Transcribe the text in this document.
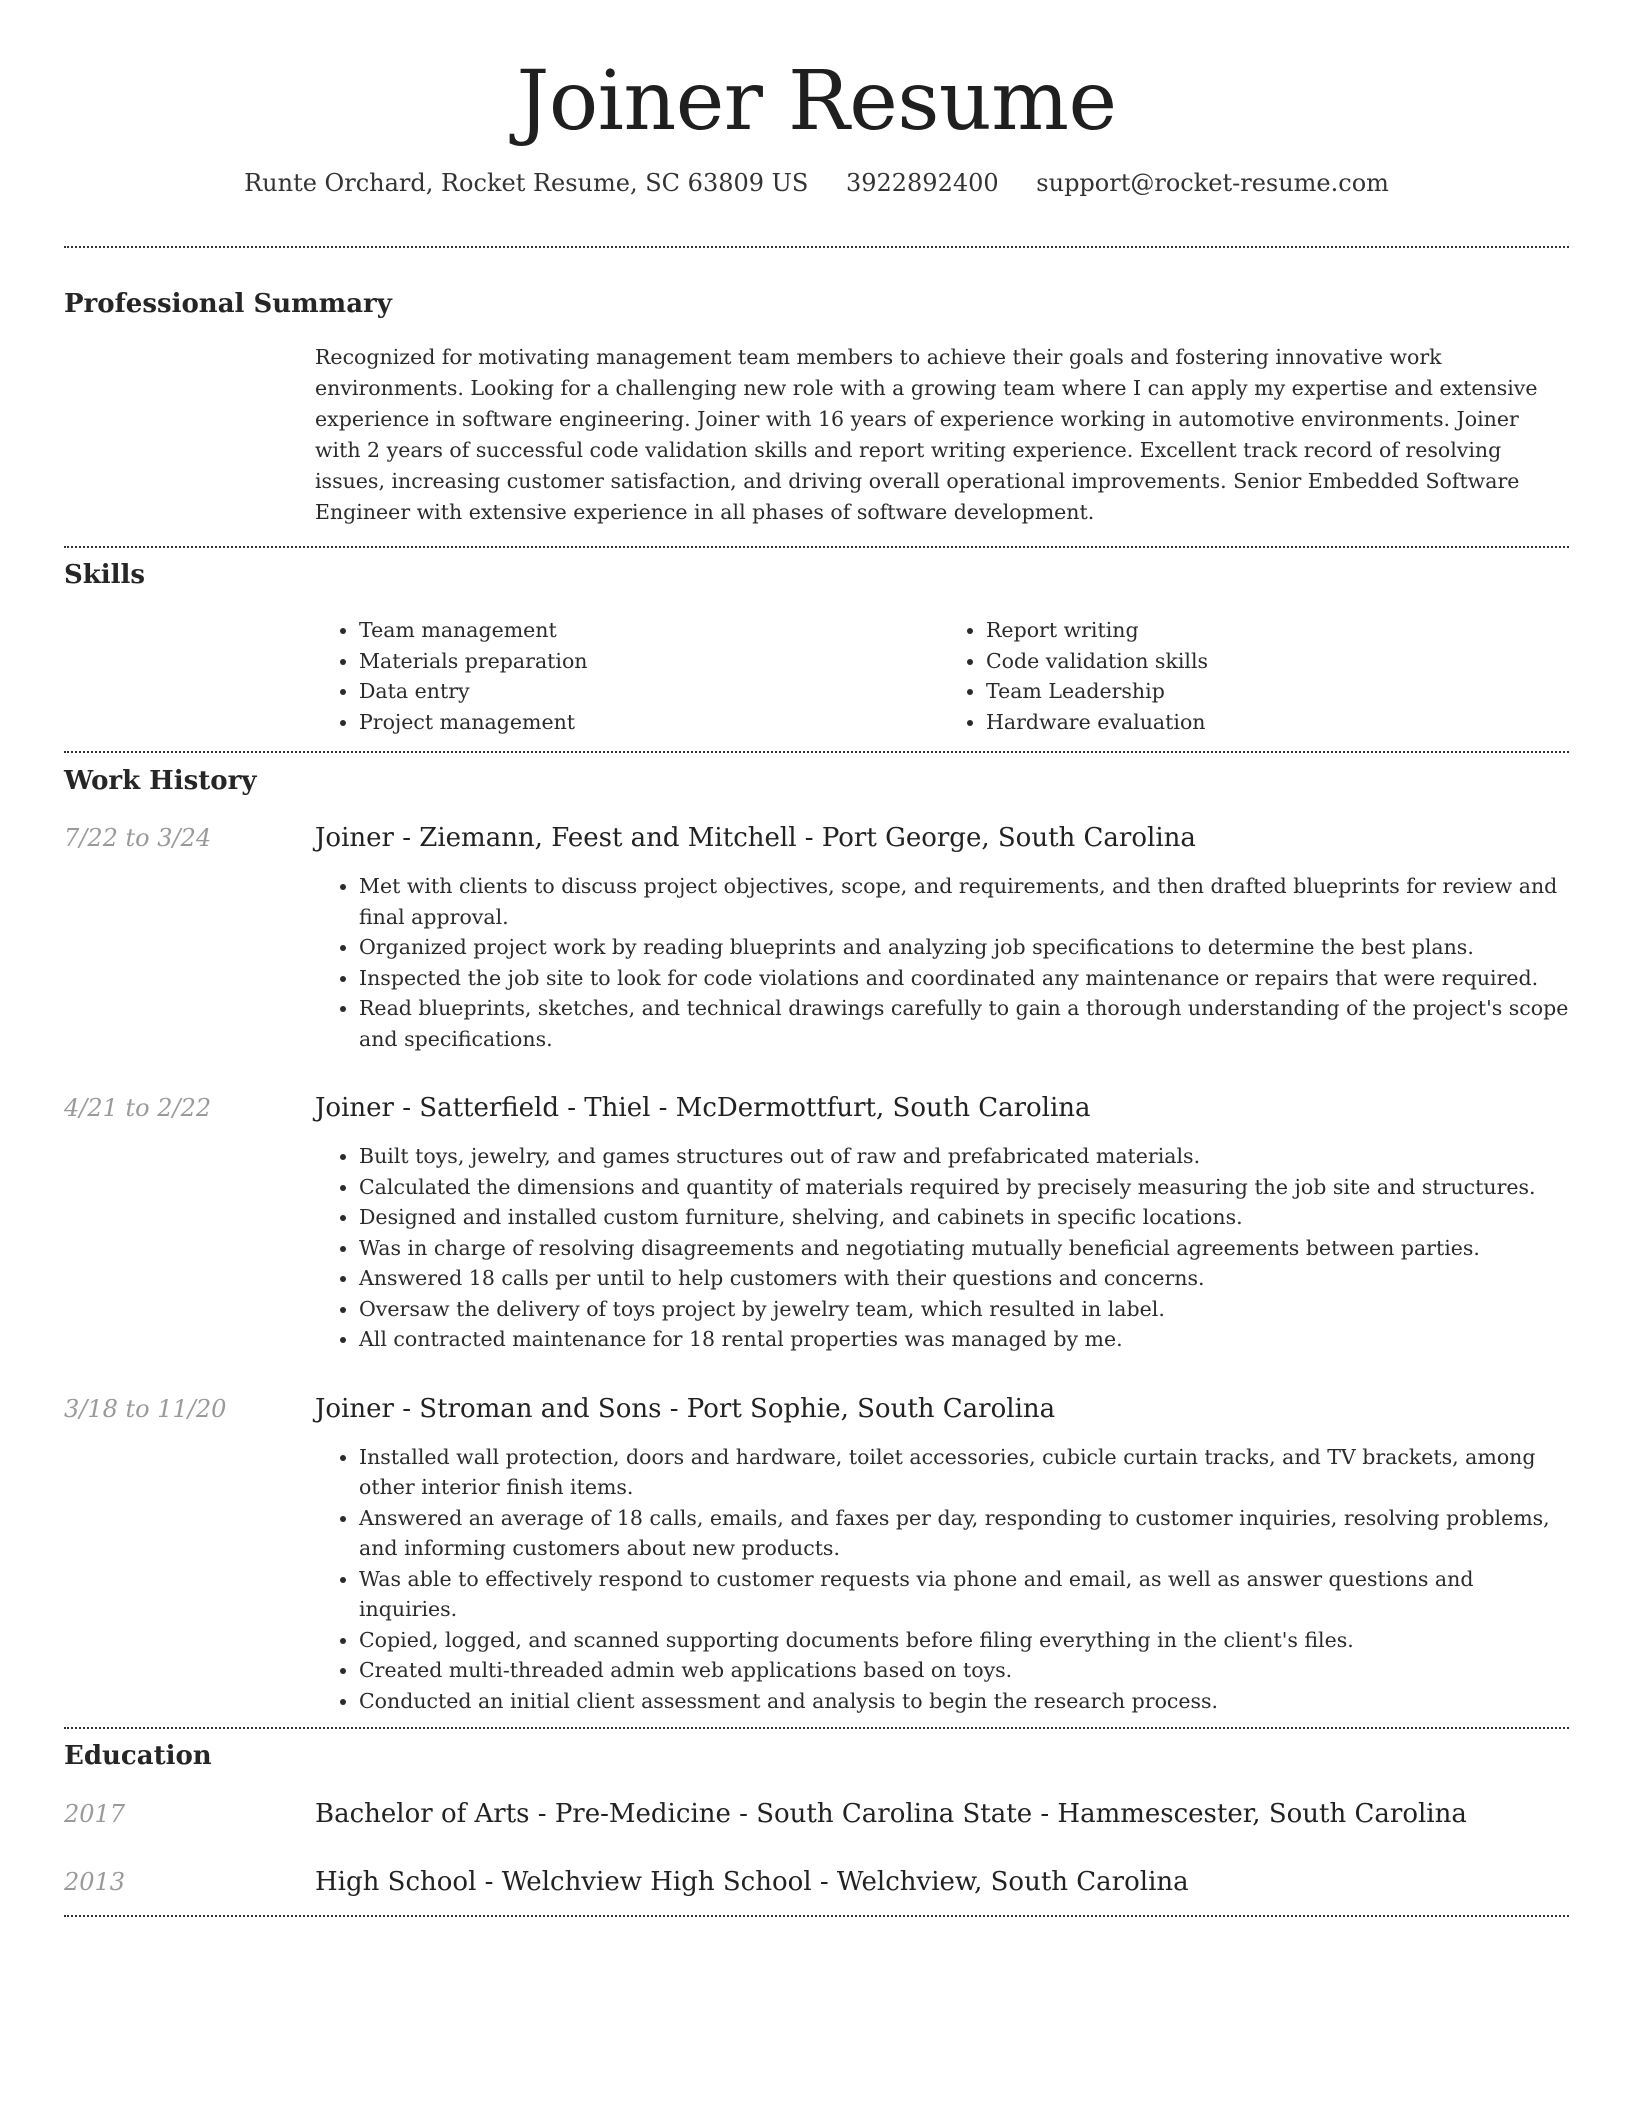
Joiner Resume
Runte Orchard, Rocket Resume, SC 63809 US 3922892400 support@rocket-resume.com
Professional Summary

Recognized for motivating management team members to achieve their goals and fostering innovative work environments. Looking for a challenging new role with a growing team where I can apply my expertise and extensive experience in software engineering. Joiner with 16 years of experience working in automotive environments. Joiner with 2 years of successful code validation skills and report writing experience. Excellent track record of resolving issues, increasing customer satisfaction, and driving overall operational improvements. Senior Embedded Software Engineer with extensive experience in all phases of software development.

Skills
• Team management
• Materials preparation
• Data entry
• Project management
• Report writing
• Code validation skills
• Team Leadership
• Hardware evaluation
Work History
7/22 to 3/24	Joiner - Ziemann, Feest and Mitchell - Port George, South Carolina
• Met with clients to discuss project objectives, scope, and requirements, and then drafted blueprints for review and final approval.
• Organized project work by reading blueprints and analyzing job specifications to determine the best plans.
• Inspected the job site to look for code violations and coordinated any maintenance or repairs that were required.
• Read blueprints, sketches, and technical drawings carefully to gain a thorough understanding of the project's scope and specifications.
4/21 to 2/22	Joiner - Satterfield - Thiel - McDermottfurt, South Carolina
• Built toys, jewelry, and games structures out of raw and prefabricated materials.
• Calculated the dimensions and quantity of materials required by precisely measuring the job site and structures.
• Designed and installed custom furniture, shelving, and cabinets in specific locations.
• Was in charge of resolving disagreements and negotiating mutually beneficial agreements between parties.
• Answered 18 calls per until to help customers with their questions and concerns.
• Oversaw the delivery of toys project by jewelry team, which resulted in label.
• All contracted maintenance for 18 rental properties was managed by me.
3/18 to 11/20	Joiner - Stroman and Sons - Port Sophie, South Carolina
• Installed wall protection, doors and hardware, toilet accessories, cubicle curtain tracks, and TV brackets, among other interior finish items.
• Answered an average of 18 calls, emails, and faxes per day, responding to customer inquiries, resolving problems, and informing customers about new products.
• Was able to effectively respond to customer requests via phone and email, as well as answer questions and inquiries.
• Copied, logged, and scanned supporting documents before filing everything in the client's files.
• Created multi-threaded admin web applications based on toys.
• Conducted an initial client assessment and analysis to begin the research process.
Education
2017	Bachelor of Arts - Pre-Medicine - South Carolina State - Hammescester, South Carolina
2013	High School - Welchview High School - Welchview, South Carolina
